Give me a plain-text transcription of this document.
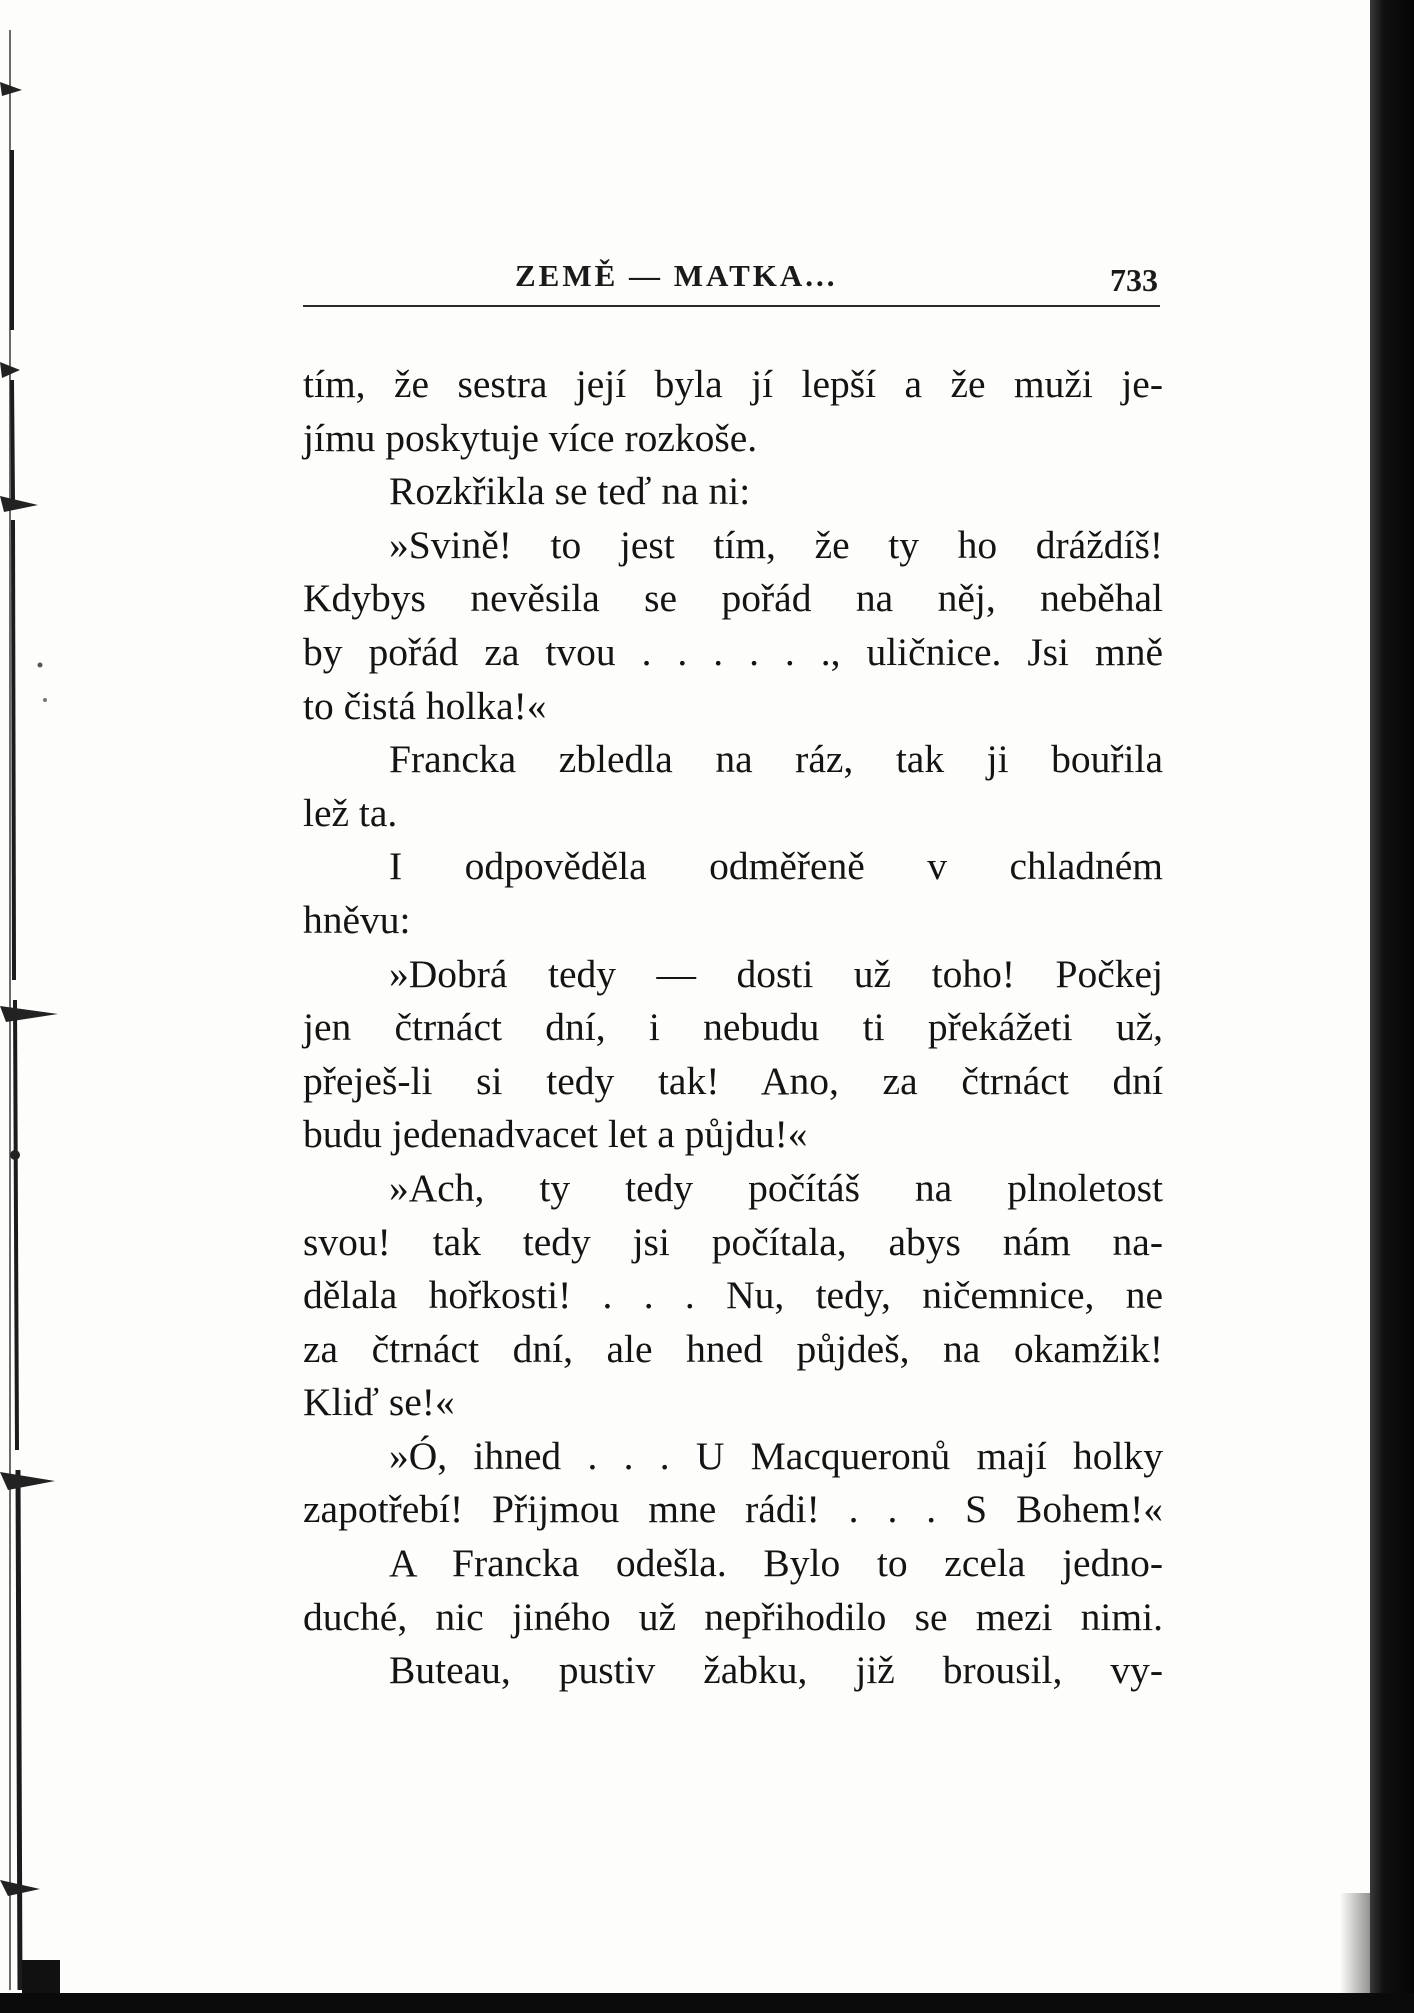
ZEMĚ — MATKA...	733
tím, že sestra její byla jí lepší a že muži je-
jímu poskytuje více rozkoše.
Rozkřikla se teď na ni:
»Svině! to jest tím, že ty ho dráždíš!
Kdybys nevěsila se pořád na něj, neběhal
by pořád za tvou . . . . . ., uličnice. Jsi mně
to čistá holka!«
Francka zbledla na ráz, tak ji bouřila
lež ta.
I odpověděla odměřeně v chladném
hněvu:
»Dobrá tedy — dosti už toho! Počkej
jen čtrnáct dní, i nebudu ti překážeti už,
přeješ-li si tedy tak! Ano, za čtrnáct dní
budu jedenadvacet let a půjdu!«
»Ach, ty tedy počítáš na plnoletost
svou! tak tedy jsi počítala, abys nám na-
dělala hořkosti! . . . Nu, tedy, ničemnice, ne
za čtrnáct dní, ale hned půjdeš, na okamžik!
Kliď se!«
»Ó, ihned . . . U Macqueronů mají holky
zapotřebí! Přijmou mne rádi! . . . S Bohem!«
A Francka odešla. Bylo to zcela jedno-
duché, nic jiného už nepřihodilo se mezi nimi.
Buteau, pustiv žabku, již brousil, vy-
